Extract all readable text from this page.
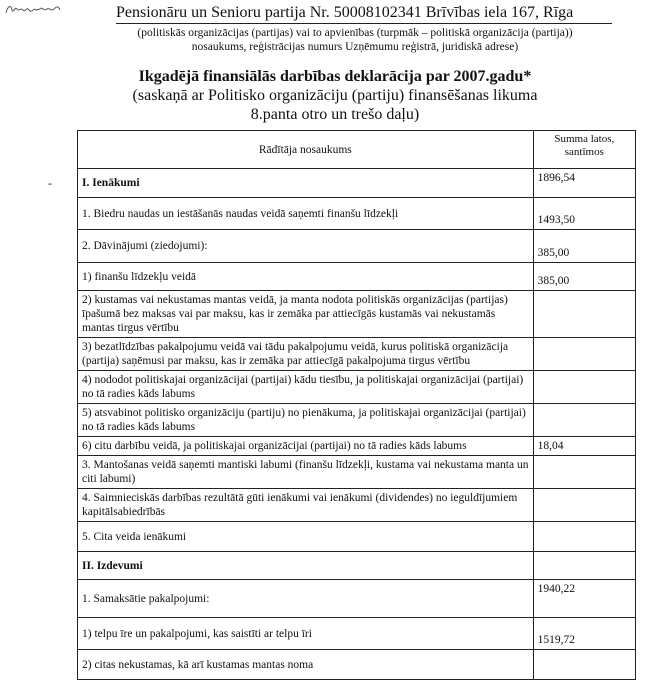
Pensionāru un Senioru partija Nr. 50008102341 Brīvības iela 167, Rīga
(politiskās organizācijas (partijas) vai to apvienības (turpmāk – politiskā organizācija (partija))
nosaukums, reģistrācijas numurs Uzņēmumu reģistrā, juridiskā adrese)
Ikgadējā finansiālās darbības deklarācija par 2007.gadu*
(saskaņā ar Politisko organizāciju (partiju) finansēšanas likuma
8.panta otro un trešo daļu)
-
Rādītāja nosaukums	Summa latos, santīmos
I. Ienākumi	1896,54
1. Biedru naudas un iestāšanās naudas veidā saņemti finanšu līdzekļi	1493,50
2. Dāvinājumi (ziedojumi):	385,00
1) finanšu līdzekļu veidā	385,00
2) kustamas vai nekustamas mantas veidā, ja manta nodota politiskās organizācijas (partijas) īpašumā bez maksas vai par maksu, kas ir zemāka par attiecīgās kustamās vai nekustamās mantas tirgus vērtību	
3) bezatlīdzības pakalpojumu veidā vai tādu pakalpojumu veidā, kurus politiskā organizācija (partija) saņēmusi par maksu, kas ir zemāka par attiecīgā pakalpojuma tirgus vērtību	
4) nododot politiskajai organizācijai (partijai) kādu tiesību, ja politiskajai organizācijai (partijai) no tā radies kāds labums	
5) atsvabinot politisko organizāciju (partiju) no pienākuma, ja politiskajai organizācijai (partijai) no tā radies kāds labums	
6) citu darbību veidā, ja politiskajai organizācijai (partijai) no tā radies kāds labums	18,04
3. Mantošanas veidā saņemti mantiski labumi (finanšu līdzekļi, kustama vai nekustama manta un citi labumi)	
4. Saimnieciskās darbības rezultātā gūti ienākumi vai ienākumi (dividendes) no ieguldījumiem kapitālsabiedrībās	
5. Cita veida ienākumi	
II. Izdevumi	
1. Samaksātie pakalpojumi:	1940,22
1) telpu īre un pakalpojumi, kas saistīti ar telpu īri	1519,72
2) citas nekustamas, kā arī kustamas mantas noma	
